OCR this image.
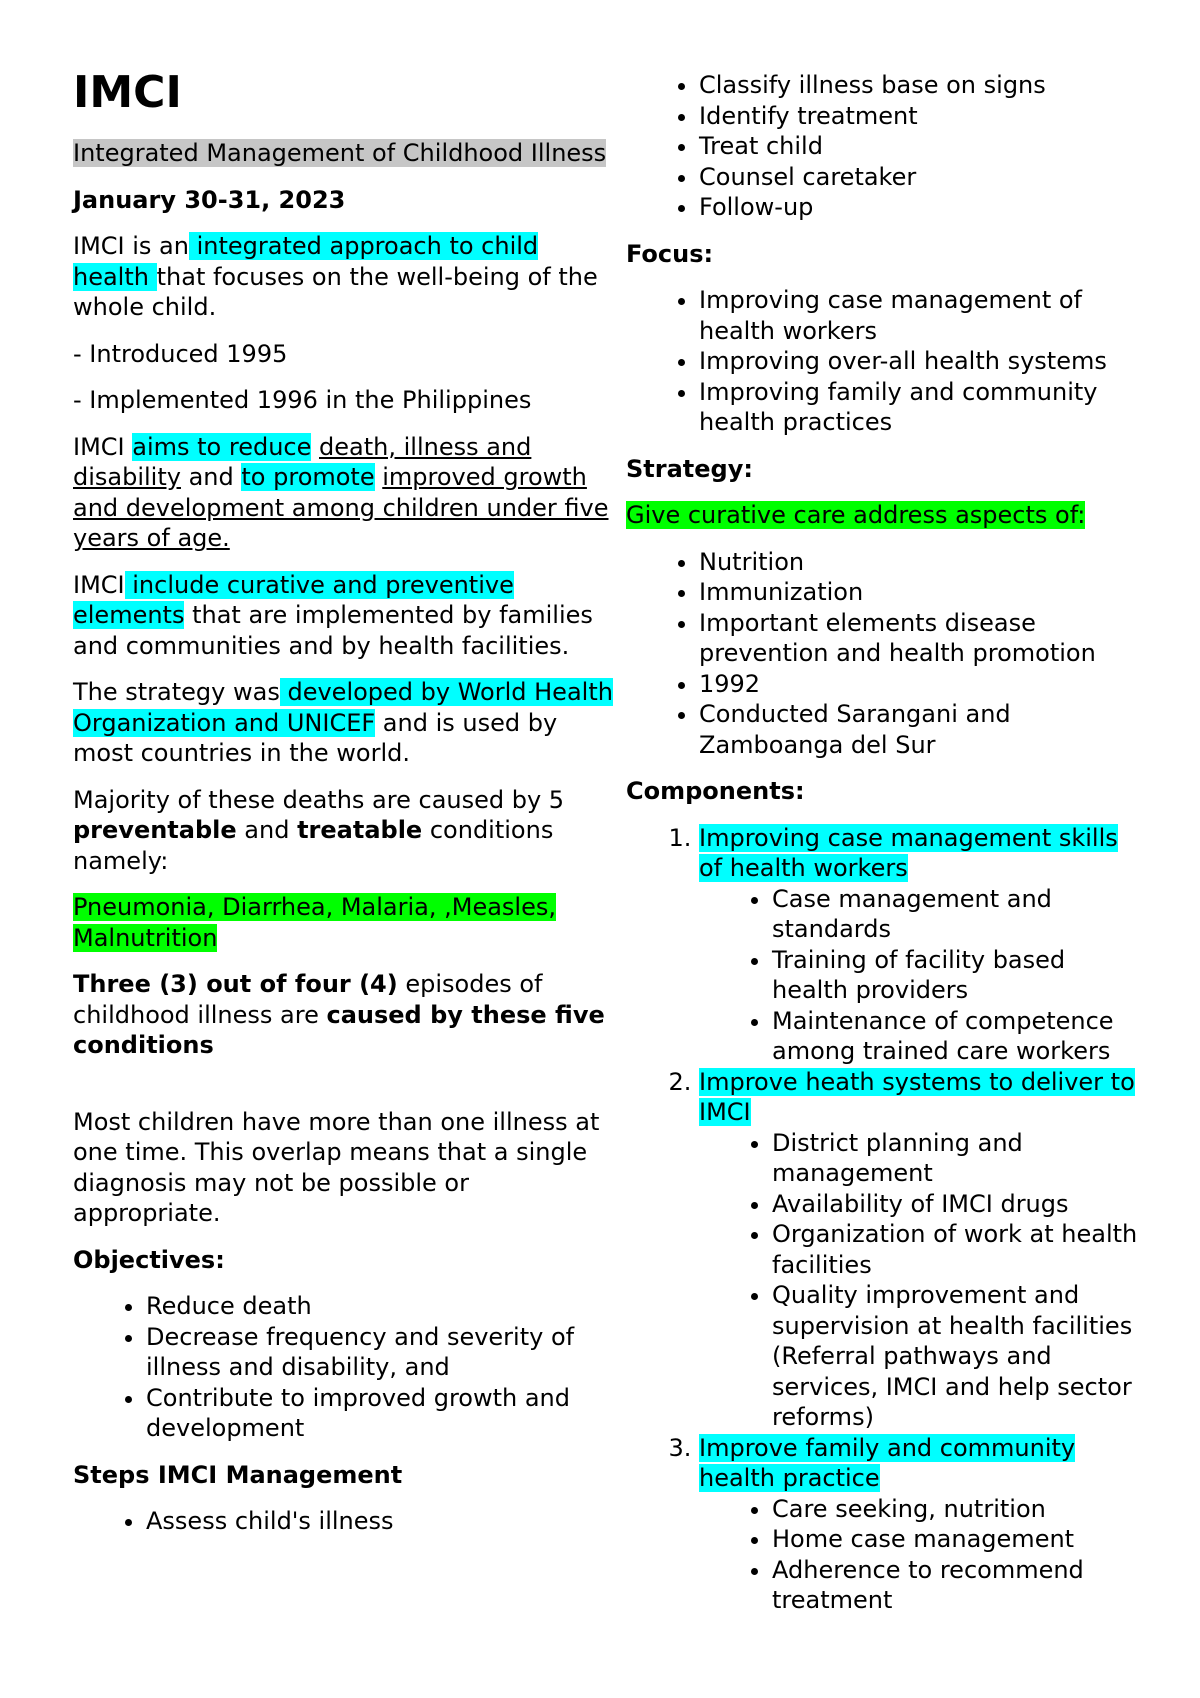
IMCI

Integrated Management of Childhood Illness

January 30-31, 2023

IMCI is an integrated approach to child health that focuses on the well-being of the whole child.

- Introduced 1995

- Implemented 1996 in the Philippines

IMCI aims to reduce death, illness and disability and to promote improved growth and development among children under five years of age.

IMCI include curative and preventive elements that are implemented by families and communities and by health facilities.

The strategy was developed by World Health Organization and UNICEF and is used by most countries in the world.

Majority of these deaths are caused by 5 preventable and treatable conditions namely:

Pneumonia, Diarrhea, Malaria, ,Measles, Malnutrition

Three (3) out of four (4) episodes of childhood illness are caused by these five conditions

Most children have more than one illness at one time. This overlap means that a single diagnosis may not be possible or appropriate.

Objectives:

• Reduce death
• Decrease frequency and severity of illness and disability, and
• Contribute to improved growth and development

Steps IMCI Management

• Assess child's illness
• Classify illness base on signs
• Identify treatment
• Treat child
• Counsel caretaker
• Follow-up

Focus:

• Improving case management of health workers
• Improving over-all health systems
• Improving family and community health practices

Strategy:

Give curative care address aspects of:

• Nutrition
• Immunization
• Important elements disease prevention and health promotion
• 1992
• Conducted Sarangani and Zamboanga del Sur

Components:

1. Improving case management skills of health workers
• Case management and standards
• Training of facility based health providers
• Maintenance of competence among trained care workers
2. Improve heath systems to deliver to IMCI
• District planning and management
• Availability of IMCI drugs
• Organization of work at health facilities
• Quality improvement and supervision at health facilities (Referral pathways and services, IMCI and help sector reforms)
3. Improve family and community health practice
• Care seeking, nutrition
• Home case management
• Adherence to recommend treatment
